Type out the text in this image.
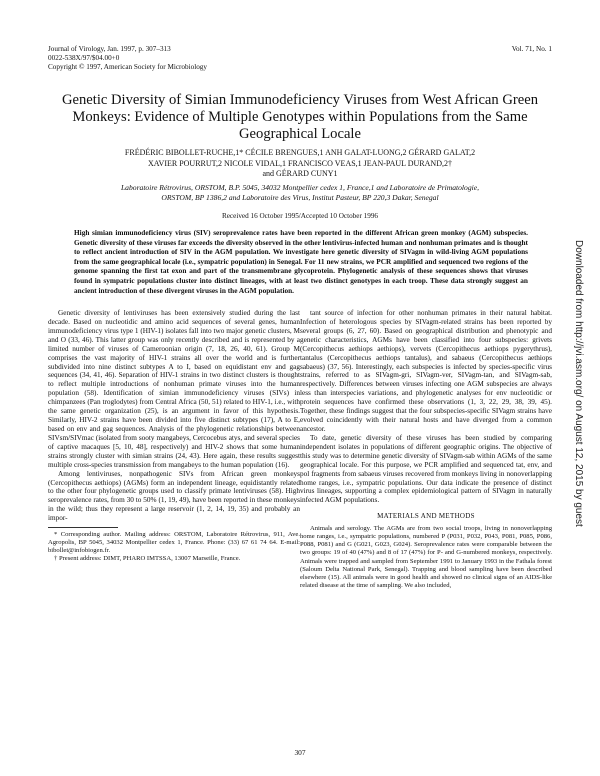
Journal of Virology, Jan. 1997, p. 307–313
0022-538X/97/$04.00+0
Copyright © 1997, American Society for Microbiology
Vol. 71, No. 1
Genetic Diversity of Simian Immunodeficiency Viruses from West African Green Monkeys: Evidence of Multiple Genotypes within Populations from the Same Geographical Locale
FRÉDÉRIC BIBOLLET-RUCHE,1* CÉCILE BRENGUES,1 ANH GALAT-LUONG,2 GÉRARD GALAT,2
XAVIER POURRUT,2 NICOLE VIDAL,1 FRANCISCO VEAS,1 JEAN-PAUL DURAND,2†
and GÉRARD CUNY1
Laboratoire Rétrovirus, ORSTOM, B.P. 5045, 34032 Montpellier cedex 1, France,1 and Laboratoire de Primatologie,
ORSTOM, BP 1386,2 and Laboratoire des Virus, Institut Pasteur, BP 220,3 Dakar, Senegal
Received 16 October 1995/Accepted 10 October 1996

High simian immunodeficiency virus (SIV) seroprevalence rates have been reported in the different African green monkey (AGM) subspecies. Genetic diversity of these viruses far exceeds the diversity observed in the other lentivirus-infected human and nonhuman primates and is thought to reflect ancient introduction of SIV in the AGM population. We investigate here genetic diversity of SIVagm in wild-living AGM populations from the same geographical locale (i.e., sympatric population) in Senegal. For 11 new strains, we PCR amplified and sequenced two regions of the genome spanning the first tat exon and part of the transmembrane glycoprotein. Phylogenetic analysis of these sequences shows that viruses found in sympatric populations cluster into distinct lineages, with at least two distinct genotypes in each troop. These data strongly suggest an ancient introduction of these divergent viruses in the AGM population.

Genetic diversity of lentiviruses has been extensively studied during the last decade. Based on nucleotidic and amino acid sequences of several genes, human immunodeficiency virus type 1 (HIV-1) isolates fall into two major genetic clusters, M and O (33, 46). This latter group was only recently described and is represented by a limited number of viruses of Cameroonian origin (7, 18, 26, 40, 61). Group M comprises the vast majority of HIV-1 strains all over the world and is further subdivided into nine distinct subtypes A to I, based on equidistant env and gag sequences (34, 41, 46). Separation of HIV-1 strains in two distinct clusters is thought to reflect multiple introductions of nonhuman primate viruses into the human population (58). Identification of simian immunodeficiency viruses (SIVs) in chimpanzees (Pan troglodytes) from Central Africa (50, 51) related to HIV-1, i.e., with the same genetic organization (25), is an argument in favor of this hypothesis. Similarly, HIV-2 strains have been divided into five distinct subtypes (17), A to E, based on env and gag sequences. Analysis of the phylogenetic relationships between SIVsm/SIVmac (isolated from sooty mangabeys, Cercocebus atys, and several species of captive macaques [5, 10, 48], respectively) and HIV-2 shows that some human strains strongly cluster with simian strains (24, 43). Here again, these results suggest multiple cross-species transmission from mangabeys to the human population (16).

Among lentiviruses, nonpathogenic SIVs from African green monkeys (Cercopithecus aethiops) (AGMs) form an independent lineage, equidistantly related to the other four phylogenetic groups used to classify primate lentiviruses (58). High seroprevalence rates, from 30 to 50% (1, 19, 49), have been reported in these monkeys in the wild; thus they represent a large reservoir (1, 2, 14, 19, 35) and probably an impor-

* Corresponding author. Mailing address: ORSTOM, Laboratoire Rétrovirus, 911, Ave. Agropolis, BP 5045, 34032 Montpellier cedex 1, France. Phone: (33) 67 61 74 64. E-mail: bibollet@infobiogen.fr.

† Present address: DIMT, PHARO IMTSSA, 13007 Marseille, France.

tant source of infection for other nonhuman primates in their natural habitat. Infection of heterologous species by SIVagm-related strains has been reported by several groups (6, 27, 60). Based on geographical distribution and phenotypic and genetic characteristics, AGMs have been classified into four subspecies: grivets (Cercopithecus aethiops aethiops), vervets (Cercopithecus aethiops pygerythrus), tantalus (Cercopithecus aethiops tantalus), and sabaeus (Cercopithecus aethiops sabaeus) (37, 56). Interestingly, each subspecies is infected by species-specific virus strains, referred to as SIVagm-gri, SIVagm-ver, SIVagm-tan, and SIVagm-sab, respectively. Differences between viruses infecting one AGM subspecies are always less than interspecies variations, and phylogenetic analyses for env nucleotidic or protein sequences have confirmed these observations (1, 3, 22, 29, 38, 39, 45). Together, these findings suggest that the four subspecies-specific SIVagm strains have evolved coincidently with their natural hosts and have diverged from a common ancestor.

To date, genetic diversity of these viruses has been studied by comparing independent isolates in populations of different geographic origins. The objective of this study was to determine genetic diversity of SIVagm-sab within AGMs of the same geographical locale. For this purpose, we PCR amplified and sequenced tat, env, and pol fragments from sabaeus viruses recovered from monkeys living in nonoverlapping home ranges, i.e., sympatric populations. Our data indicate the presence of distinct virus lineages, supporting a complex epidemiological pattern of SIVagm in naturally infected AGM populations.

MATERIALS AND METHODS

Animals and serology. The AGMs are from two social troops, living in nonoverlapping home ranges, i.e., sympatric populations, numbered P (P031, P032, P043, P081, P085, P086, P088, P081) and G (G021, G023, G024). Seroprevalence rates were comparable between the two groups: 19 of 40 (47%) and 8 of 17 (47%) for P- and G-numbered monkeys, respectively. Animals were trapped and sampled from September 1991 to January 1993 in the Fathala forest (Saloum Delta National Park, Senegal). Trapping and blood sampling have been described elsewhere (15). All animals were in good health and showed no clinical signs of an AIDS-like related disease at the time of sampling. We also included,

307
Downloaded from http://jvi.asm.org/ on August 12, 2015 by guest
